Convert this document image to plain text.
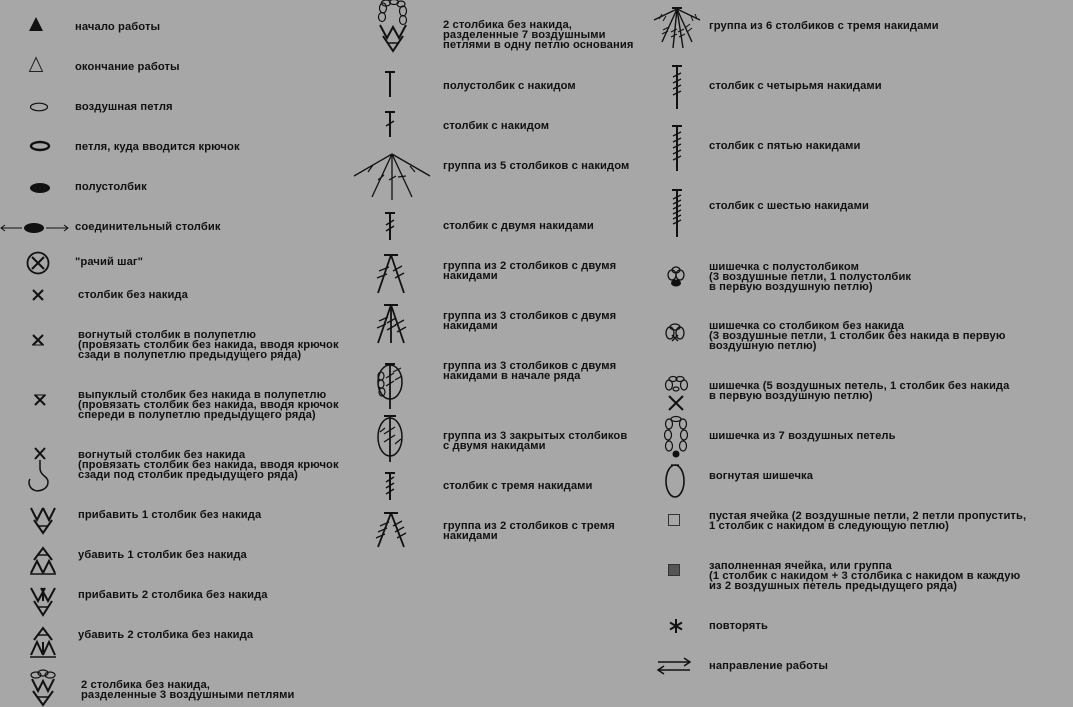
начало работы
окончание работы
воздушная петля
петля, куда вводится крючок
полустолбик
соединительный столбик
"рачий шаг"
столбик без накида
вогнутый столбик в полупетлю
(провязать столбик без накида, вводя крючок
сзади в полупетлю предыдущего ряда)
выпуклый столбик без накида в полупетлю
(провязать столбик без накида, вводя крючок
спереди в полупетлю предыдущего ряда)
вогнутый столбик без накида
(провязать столбик без накида, вводя крючок
сзади под столбик предыдущего ряда)
прибавить 1 столбик без накида
убавить 1 столбик без накида
прибавить 2 столбика без накида
убавить 2 столбика без накида
2 столбика без накида,
разделенные 3 воздушными петлями
2 столбика без накида,
разделенные 7 воздушными
петлями в одну петлю основания
полустолбик с накидом
столбик с накидом
группа из 5 столбиков с накидом
столбик с двумя накидами
группа из 2 столбиков с двумя
накидами
группа из 3 столбиков с двумя
накидами
группа из 3 столбиков с двумя
накидами в начале ряда
группа из 3 закрытых столбиков
с двумя накидами
столбик с тремя накидами
группа из 2 столбиков с тремя
накидами
группа из 6 столбиков с тремя накидами
столбик с четырьмя накидами
столбик с пятью накидами
столбик с шестью накидами
шишечка с полустолбиком
(3 воздушные петли, 1 полустолбик
в первую воздушную петлю)
шишечка со столбиком без накида
(3 воздушные петли, 1 столбик без накида в первую
воздушную петлю)
шишечка (5 воздушных петель, 1 столбик без накида
в первую воздушную петлю)
шишечка из 7 воздушных петель
вогнутая шишечка
пустая ячейка (2 воздушные петли, 2 петли пропустить,
1 столбик с накидом в следующую петлю)
заполненная ячейка, или группа
(1 столбик с накидом + 3 столбика с накидом в каждую
из 2 воздушных петель предыдущего ряда)
повторять
направление работы
